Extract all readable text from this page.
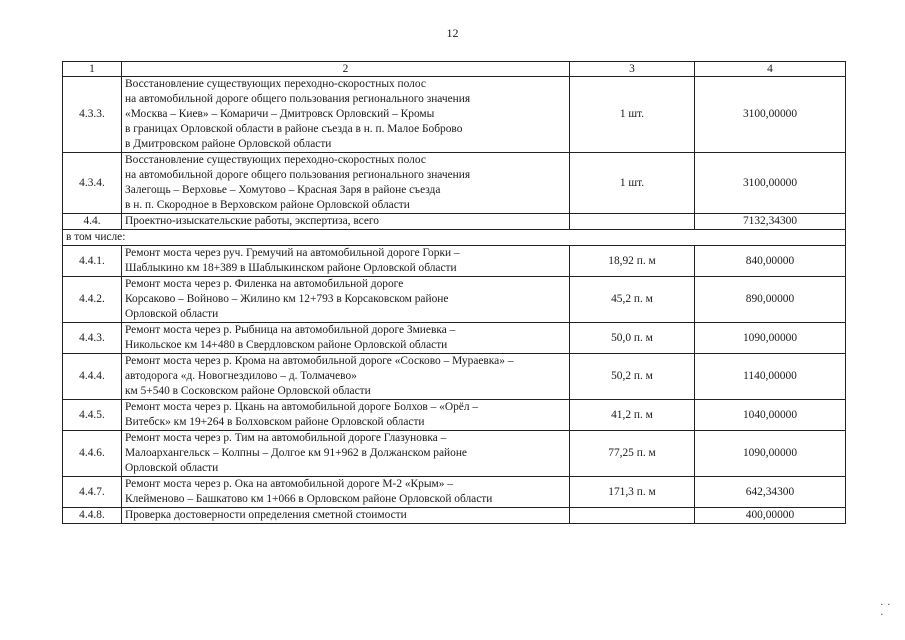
12
1	2	3	4
4.3.3.	Восстановление существующих переходно-скоростных полос
на автомобильной дороге общего пользования регионального значения
«Москва – Киев» – Комаричи – Дмитровск Орловский – Кромы
в границах Орловской области в районе съезда в н. п. Малое Боброво
в Дмитровском районе Орловской области	1 шт.	3100,00000
4.3.4.	Восстановление существующих переходно-скоростных полос
на автомобильной дороге общего пользования регионального значения
Залегощь – Верховье – Хомутово – Красная Заря в районе съезда
в н. п. Скородное в Верховском районе Орловской области	1 шт.	3100,00000
4.4.	Проектно-изыскательские работы, экспертиза, всего		7132,34300
в том числе:			
4.4.1.	Ремонт моста через руч. Гремучий на автомобильной дороге Горки –
Шаблыкино км 18+389 в Шаблыкинском районе Орловской области	18,92 п. м	840,00000
4.4.2.	Ремонт моста через р. Филенка на автомобильной дороге
Корсаково – Войново – Жилино км 12+793 в Корсаковском районе
Орловской области	45,2 п. м	890,00000
4.4.3.	Ремонт моста через р. Рыбница на автомобильной дороге Змиевка –
Никольское км 14+480 в Свердловском районе Орловской области	50,0 п. м	1090,00000
4.4.4.	Ремонт моста через р. Крома на автомобильной дороге «Сосково – Мураевка» –
автодорога «д. Новогнездилово – д. Толмачево»
км 5+540 в Сосковском районе Орловской области	50,2 п. м	1140,00000
4.4.5.	Ремонт моста через р. Цкань на автомобильной дороге Болхов – «Орёл –
Витебск» км 19+264 в Болховском районе Орловской области	41,2 п. м	1040,00000
4.4.6.	Ремонт моста через р. Тим на автомобильной дороге Глазуновка –
Малоархангельск – Колпны – Долгое км 91+962 в Должанском районе
Орловской области	77,25 п. м	1090,00000
4.4.7.	Ремонт моста через р. Ока на автомобильной дороге М-2 «Крым» –
Клейменово – Башкатово км 1+066 в Орловском районе Орловской области	171,3 п. м	642,34300
4.4.8.	Проверка достоверности определения сметной стоимости		400,00000
. .
.
